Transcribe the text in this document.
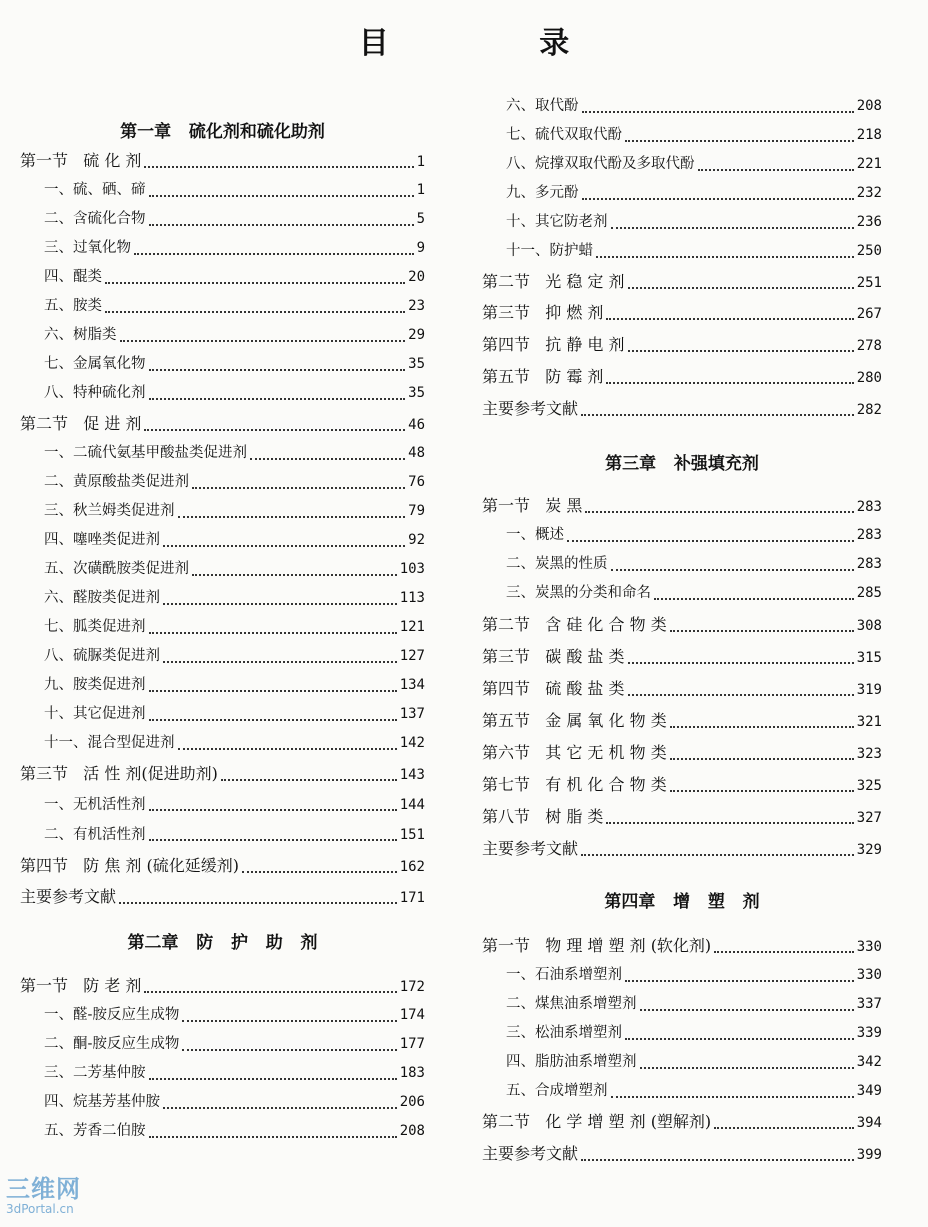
目 录
第一章   硫化剂和硫化助剂
第一节   硫 化 剂	1
一、硫、硒、碲	1
二、含硫化合物	5
三、过氧化物	9
四、醌类	20
五、胺类	23
六、树脂类	29
七、金属氧化物	35
八、特种硫化剂	35
第二节   促 进 剂	46
一、二硫代氨基甲酸盐类促进剂	48
二、黄原酸盐类促进剂	76
三、秋兰姆类促进剂	79
四、噻唑类促进剂	92
五、次磺酰胺类促进剂	103
六、醛胺类促进剂	113
七、胍类促进剂	121
八、硫脲类促进剂	127
九、胺类促进剂	134
十、其它促进剂	137
十一、混合型促进剂	142
第三节   活 性 剂(促进助剂)	143
一、无机活性剂	144
二、有机活性剂	151
第四节   防 焦 剂 (硫化延缓剂)	162
主要参考文献	171
第二章   防   护   助   剂
第一节   防 老 剂	172
一、醛-胺反应生成物	174
二、酮-胺反应生成物	177
三、二芳基仲胺	183
四、烷基芳基仲胺	206
五、芳香二伯胺	208
六、取代酚	208
七、硫代双取代酚	218
八、烷撑双取代酚及多取代酚	221
九、多元酚	232
十、其它防老剂	236
十一、防护蜡	250
第二节   光 稳 定 剂	251
第三节   抑 燃 剂	267
第四节   抗 静 电 剂	278
第五节   防 霉 剂	280
主要参考文献	282
第三章   补强填充剂
第一节   炭 黑	283
一、概述	283
二、炭黑的性质	283
三、炭黑的分类和命名	285
第二节   含 硅 化 合 物 类	308
第三节   碳 酸 盐 类	315
第四节   硫 酸 盐 类	319
第五节   金 属 氧 化 物 类	321
第六节   其 它 无 机 物 类	323
第七节   有 机 化 合 物 类	325
第八节   树 脂 类	327
主要参考文献	329
第四章   增   塑   剂
第一节   物 理 增 塑 剂 (软化剂)	330
一、石油系增塑剂	330
二、煤焦油系增塑剂	337
三、松油系增塑剂	339
四、脂肪油系增塑剂	342
五、合成增塑剂	349
第二节   化 学 增 塑 剂 (塑解剂)	394
主要参考文献	399
三维网
3dPortal.cn
